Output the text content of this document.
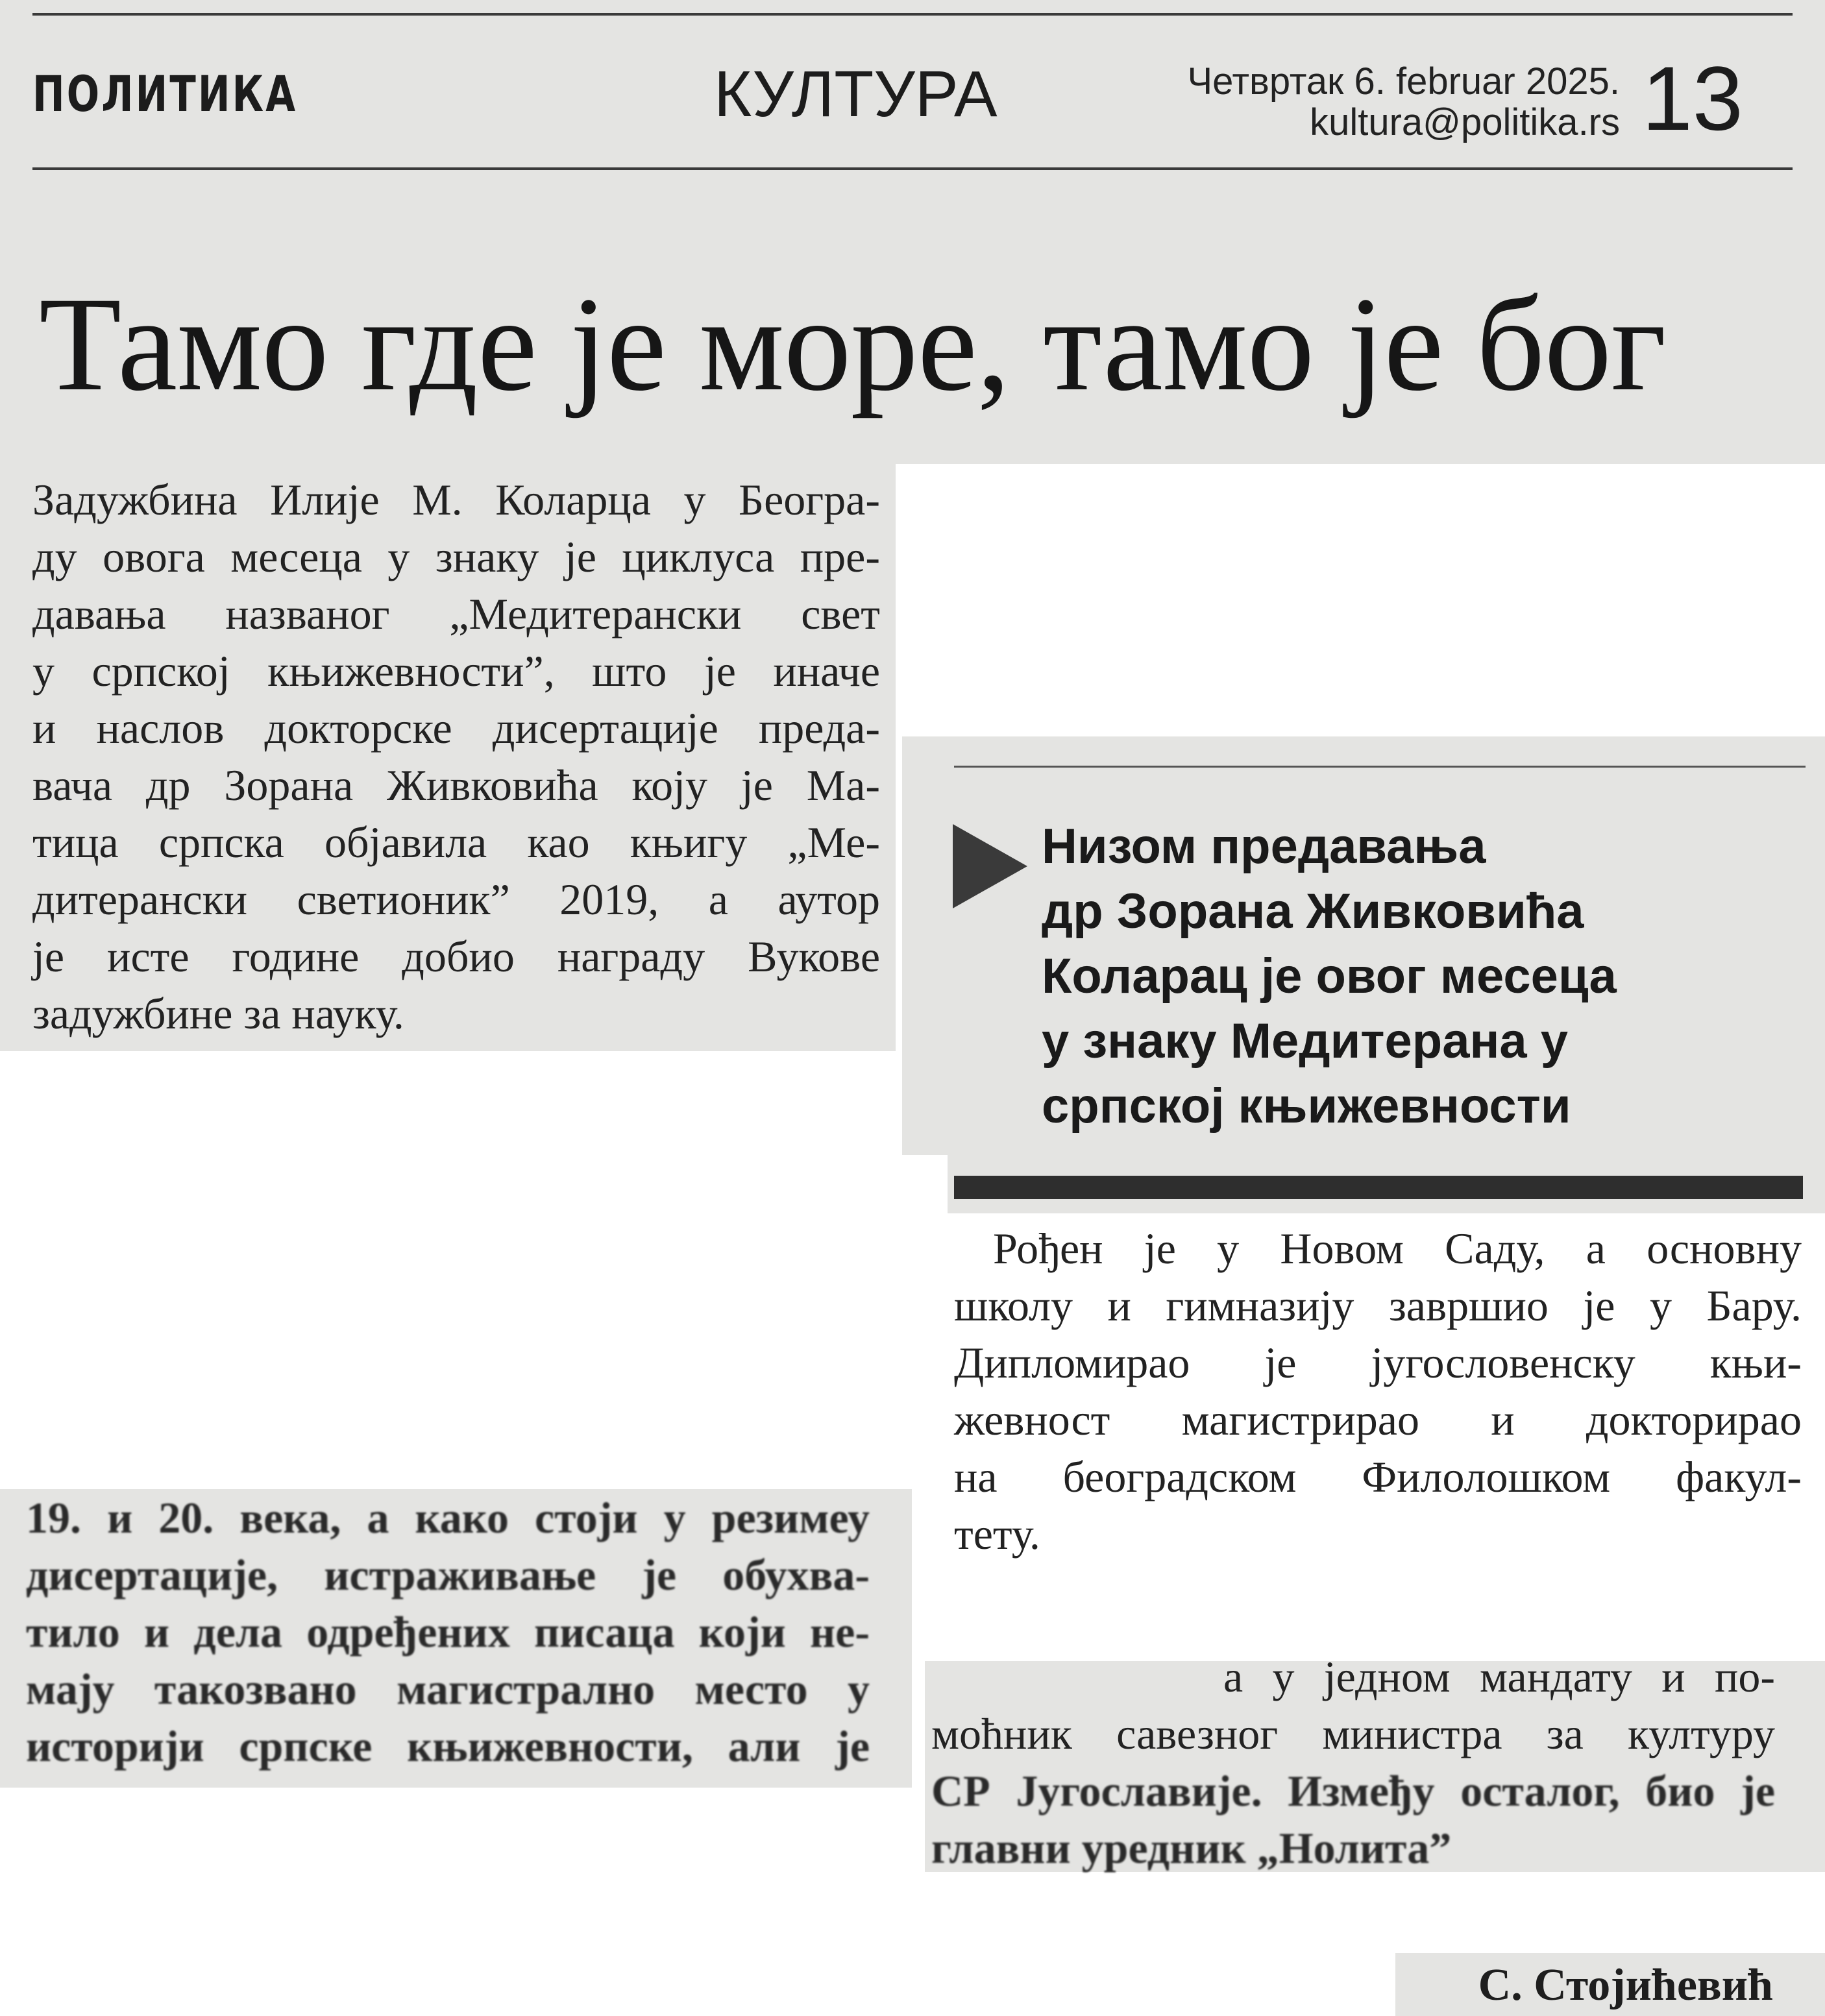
ПОЛИТИКА	КУЛТУРА	Четвртак 6. februar 2025.
kultura@politika.rs 13
Тамо где је море, тамо је бог
Задужбина Илије М. Коларца у Београ-
ду овога месеца у знаку је циклуса пре-
давања названог „Медитерански свет
у српској књижевности”, што је иначе
и наслов докторске дисертације преда-
вача др Зорана Живковића коју је Ма-
тица српска објавила као књигу „Ме-
дитерански светионик” 2019, а аутор
је исте године добио награду Вукове
задужбине за науку.
Низом предавања
др Зорана Живковића
Коларац је овог месеца
у знаку Медитерана у
српској књижевности
Рођен је у Новом Саду, а основну
школу и гимназију завршио је у Бару.
Дипломирао је југословенску књи-
жевност магистрирао и докторирао
на београдском Филолошком факул-
тету.
19. и 20. века, а како стоји у резимеу
дисертације, истраживање је обухва-
тило и дела одређених писаца који не-
мају такозвано магистрално место у
историји српске књижевности, али је
а у једном мандату и по-
моћник савезног министра за културу
СР Југославије. Између осталог, био је
главни уредник „Нолита”
С. Стојићевић
